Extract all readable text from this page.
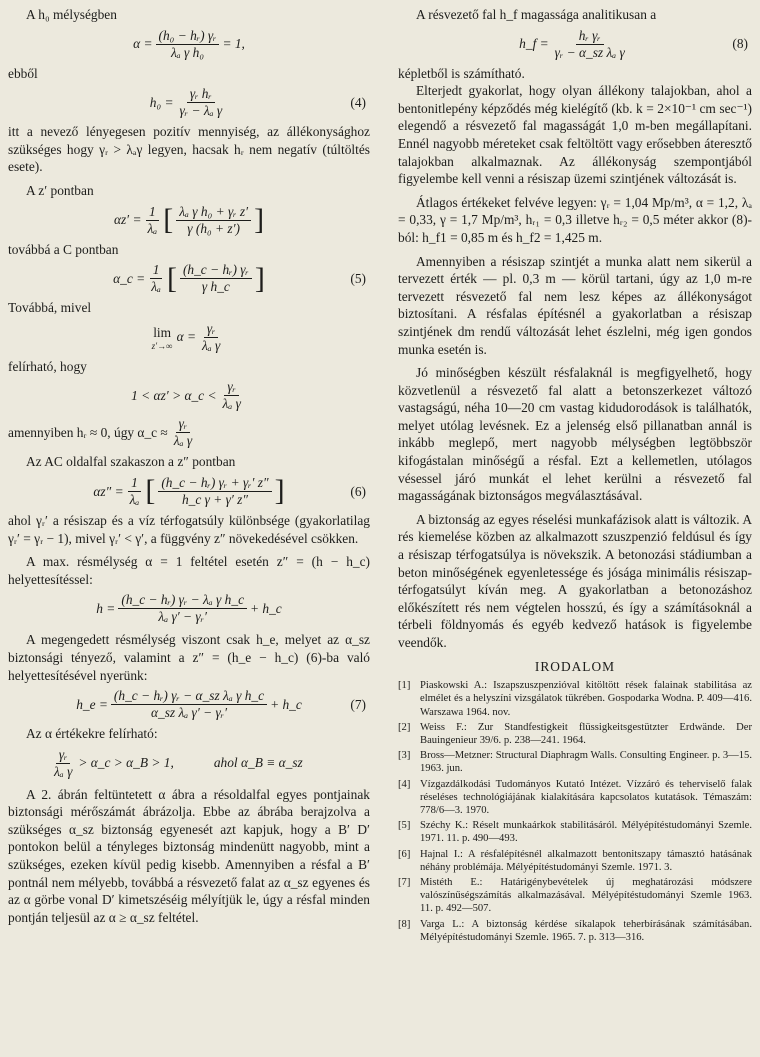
A h₀ mélységben

$\alpha = \frac{\text{(h₀ − hᵣ) γᵣ}}{\text{λₐ γ h₀}} = 1$,

ebből

$h_0 = \frac{\text{γᵣ hᵣ}}{\text{γᵣ − λₐ γ}}$	(4)

itt a nevező lényegesen pozitív mennyiség, az állékonysághoz szükséges hogy γᵣ > λₐγ legyen, hacsak hᵣ nem negatív (túltöltés esete).

A z′ pontban

$\alpha z' = \frac{1}{\text{λₐ}}$ [ $\frac{\text{λₐ γ h₀ + γᵣ z′}}{\text{γ (h₀ + z′)}}$ ]

továbbá a C pontban

α_c = $\frac{1}{\text{λₐ}}$ [ $\frac{\text{(h\_c − hᵣ) γᵣ}}{\text{γ h\_c}}$ ]	(5)

Továbbá, mivel

lim
z′→∞
$\alpha = \frac{\text{γᵣ}}{\text{λₐ γ}}$

felírható, hogy

1 < αz′ > α_c < $\frac{\text{γᵣ}}{\text{λₐ γ}}$
amennyiben hᵣ ≈ 0, úgy α_c ≈ $\frac{\text{γᵣ}}{\text{λₐ γ}}$

Az AC oldalfal szakaszon a z″ pontban

$\alpha z'' = \frac{1}{\text{λₐ}}$ [ $\frac{\text{(h\_c − hᵣ) γᵣ + γᵣ′ z″}}{\text{h\_c γ + γ′ z″}}$ ]	(6)

ahol γᵣ′ a résiszap és a víz térfogatsúly különbsége (gyakorlatilag γᵣ′ = γᵣ − 1), mivel γᵣ′ < γ′, a függvény z″ növekedésével csökken.

A max. résmélység α = 1 feltétel esetén z″ = (h − h_c) helyettesítéssel:

$h = \frac{\text{(h\_c − hᵣ) γᵣ − λₐ γ h\_c}}{\text{λₐ γ′ − γᵣ′}}$ + h_c

A megengedett résmélység viszont csak h_e, melyet az α_sz biztonsági tényező, valamint a z″ = (h_e − h_c) (6)-ba való helyettesítésével nyerünk:

h_e = $\frac{\text{(h\_c − hᵣ) γᵣ − α\_sz λₐ γ h\_c}}{\text{α\_sz λₐ γ′ − γᵣ′}}$ + h_c	(7)

Az α értékekre felírható:

$\frac{\text{γᵣ}}{\text{λₐ γ}}$ > α_c > α_B > 1,	ahol α_B ≡ α_sz

A 2. ábrán feltüntetett α ábra a résoldalfal egyes pontjainak biztonsági mérőszámát ábrázolja. Ebbe az ábrába berajzolva a szükséges α_sz biztonság egyenesét azt kapjuk, hogy a B′ D′ pontokon belül a tényleges biztonság mindenütt nagyobb, mint a szükséges, ezeken kívül pedig kisebb. Amennyiben a résfal a B′ pontnál nem mélyebb, továbbá a résvezető falat az α_sz egyenes és az α görbe vonal D′ kimetszéséig mélyítjük le, úgy a résfal minden pontján teljesül az α ≥ α_sz feltétel.

A résvezető fal h_f magassága analitikusan a

h_f = $\frac{\text{hᵣ γᵣ}}{\text{γᵣ − α\_sz λₐ γ}}$	(8)

képletből is számítható.

Elterjedt gyakorlat, hogy olyan állékony talajokban, ahol a bentonitlepény képződés még kielégítő (kb. k = 2×10⁻¹ cm sec⁻¹) elegendő a résvezető fal magasságát 1,0 m-ben megállapítani. Ennél nagyobb méreteket csak feltöltött vagy erősebben áteresztő talajokban alkalmaznak. Az állékonyság szempontjából figyelembe kell venni a résiszap üzemi szintjének változását is.

Átlagos értékeket felvéve legyen: γᵣ = 1,04 Mp/m³, α = 1,2, λₐ = 0,33, γ = 1,7 Mp/m³, hᵣ₁ = 0,3 illetve hᵣ₂ = 0,5 méter akkor (8)-ból: h_f1 = 0,85 m és h_f2 = 1,425 m.

Amennyiben a résiszap szintjét a munka alatt nem sikerül a tervezett érték — pl. 0,3 m — körül tartani, úgy az 1,0 m-re tervezett résvezető fal nem lesz képes az állékonyságot biztosítani. A résfalas építésnél a gyakorlatban a résiszap szintjének dm rendű változását lehet észlelni, még igen gondos munka esetén is.

Jó minőségben készült résfalaknál is megfigyelhető, hogy közvetlenül a résvezető fal alatt a betonszerkezet változó vastagságú, néha 10—20 cm vastag kidudorodások is találhatók, melyet utólag levésnek. Ez a jelenség első pillanatban annál is inkább meglepő, mert nagyobb mélységben legtöbbször kifogástalan minőségű a résfal. Ezt a kellemetlen, utólagos vésessel járó munkát el lehet kerülni a résvezető fal magasságának biztonságos megválasztásával.

A biztonság az egyes réselési munkafázisok alatt is változik. A rés kiemelése közben az alkalmazott szuszpenzió feldúsul és így a résiszap térfogatsúlya is növekszik. A betonozási stádiumban a beton minőségének egyenletessége és jósága minimális résiszap-térfogatsúlyt kíván meg. A gyakorlatban a betonozáshoz előkészített rés nem végtelen hosszú, és így a számításoknál a térbeli földnyomás és egyéb kedvező hatások is figyelembe veendők.

IRODALOM
[1] Piaskowski A.: Iszapszuszpenzióval kitöltött rések falainak stabilitása az elmélet és a helyszíni vizsgálatok tükrében. Gospodarka Wodna. P. 409—416. Warszawa 1964. nov.
[2] Weiss F.: Zur Standfestigkeit flüssigkeitsgestützter Erdwände. Der Bauingenieur 39/6. p. 238—241. 1964.
[3] Bross—Metzner: Structural Diaphragm Walls. Consulting Engineer. p. 3—15. 1963. jun.
[4] Vízgazdálkodási Tudományos Kutató Intézet. Vízzáró és teherviselő falak réseléses technológiájának kialakítására kapcsolatos kutatások. Témaszám: 778/6—3. 1970.
[5] Széchy K.: Réselt munkaárkok stabilitásáról. Mélyépítéstudományi Szemle. 1971. 11. p. 490—493.
[6] Hajnal I.: A résfalépítésnél alkalmazott bentonitszapy támasztó hatásának néhány problémája. Mélyépítéstudományi Szemle. 1971. 3.
[7] Mistéth E.: Határigénybevételek új meghatározási módszere valószínűségszámítás alkalmazásával. Mélyépítéstudományi Szemle 1963. 11. p. 492—507.
[8] Varga L.: A biztonság kérdése síkalapok teherbírásának számításában. Mélyépítéstudományi Szemle. 1965. 7. p. 313—316.
